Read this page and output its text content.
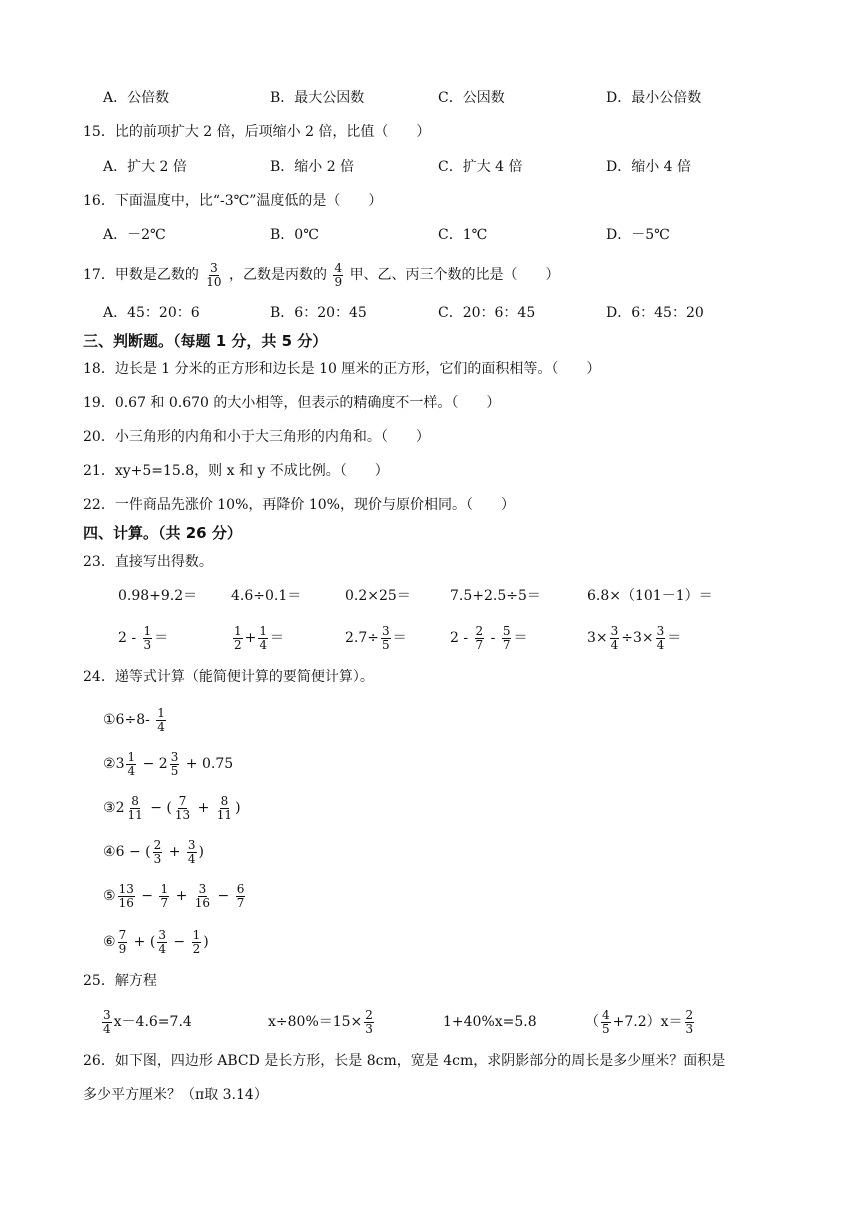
A．公倍数	B．最大公因数	C．公因数	D．最小公倍数
15．比的前项扩大 2 倍，后项缩小 2 倍，比值（　　）
A．扩大 2 倍	B．缩小 2 倍	C．扩大 4 倍	D．缩小 4 倍
16．下面温度中，比“-3℃”温度低的是（　　）
A．－2℃	B．0℃	C．1℃	D．－5℃
17．甲数是乙数的 $\frac{3}{10}$ ，乙数是丙数的 $\frac{4}{9}$ 甲、乙、丙三个数的比是（　　）
A．45：20：6	B．6：20：45	C．20：6：45	D．6：45：20
三、判断题。（每题 1 分，共 5 分）
18．边长是 1 分米的正方形和边长是 10 厘米的正方形，它们的面积相等。（　　）
19．0.67 和 0.670 的大小相等，但表示的精确度不一样。（　　）
20．小三角形的内角和小于大三角形的内角和。（　　）
21．xy+5=15.8，则 x 和 y 不成比例。（　　）
22．一件商品先涨价 10%，再降价 10%，现价与原价相同。（　　）
四、计算。（共 26 分）
23．直接写出得数。
0.98+9.2＝ 4.6÷0.1＝	0.2×25＝	7.5+2.5÷5＝	6.8×（101－1）＝
$2 - \frac{1}{3}$ ＝	$\frac{1}{2} + \frac{1}{4}$ ＝	$2.7\div \frac{3}{5}$ ＝	$2 - \frac{2}{7} - \frac{5}{7}$ ＝	$3\times \frac{3}{4} \div 3\times \frac{3}{4}$ ＝
24．递等式计算（能简便计算的要简便计算）。
①6÷8- $\frac{1}{4}$
②3 $\frac{1}{4} - 2 \frac{3}{5} + 0.75$
③2 $\frac{8}{11}$ − ( $\frac{7}{13} + \frac{8}{11}$ )
④6 − ( $\frac{2}{3} + \frac{3}{4}$ )
⑤ $\frac{13}{16} - \frac{1}{7} + \frac{3}{16} - \frac{6}{7}$
⑥ $\frac{7}{9}$ + ( $\frac{3}{4} - \frac{1}{2}$ )
25．解方程
$\frac{3}{4} x-4.6=7.4$	$x\div 80\%=15\times \frac{2}{3}$	1+40%x=5.8	（ $\frac{4}{5} +7.2)x= \frac{2}{3}$
26．如下图，四边形 ABCD 是长方形，长是 8cm，宽是 4cm，求阴影部分的周长是多少厘米？面积是
多少平方厘米？（π取 3.14）
